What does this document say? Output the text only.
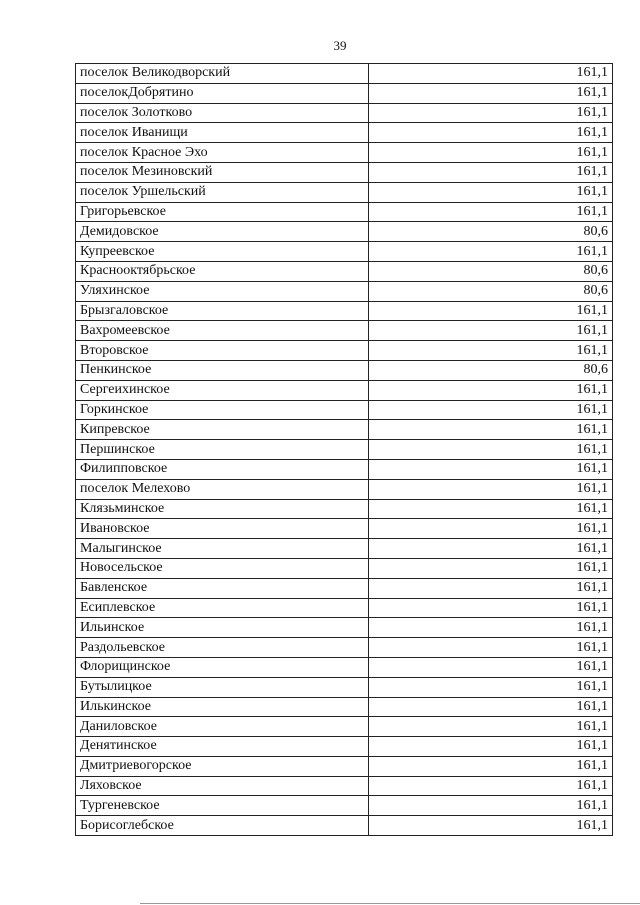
39
поселок Великодворский	161,1
поселокДобрятино	161,1
поселок Золотково	161,1
поселок Иванищи	161,1
поселок Красное Эхо	161,1
поселок Мезиновский	161,1
поселок Уршельский	161,1
Григорьевское	161,1
Демидовское	80,6
Купреевское	161,1
Краснооктябрьское	80,6
Уляхинское	80,6
Брызгаловское	161,1
Вахромеевское	161,1
Второвское	161,1
Пенкинское	80,6
Сергеихинское	161,1
Горкинское	161,1
Кипревское	161,1
Першинское	161,1
Филипповское	161,1
поселок Мелехово	161,1
Клязьминское	161,1
Ивановское	161,1
Малыгинское	161,1
Новосельское	161,1
Бавленское	161,1
Есиплевское	161,1
Ильинское	161,1
Раздольевское	161,1
Флорищинское	161,1
Бутылицкое	161,1
Илькинское	161,1
Даниловское	161,1
Денятинское	161,1
Дмитриевогорское	161,1
Ляховское	161,1
Тургеневское	161,1
Борисоглебское	161,1
